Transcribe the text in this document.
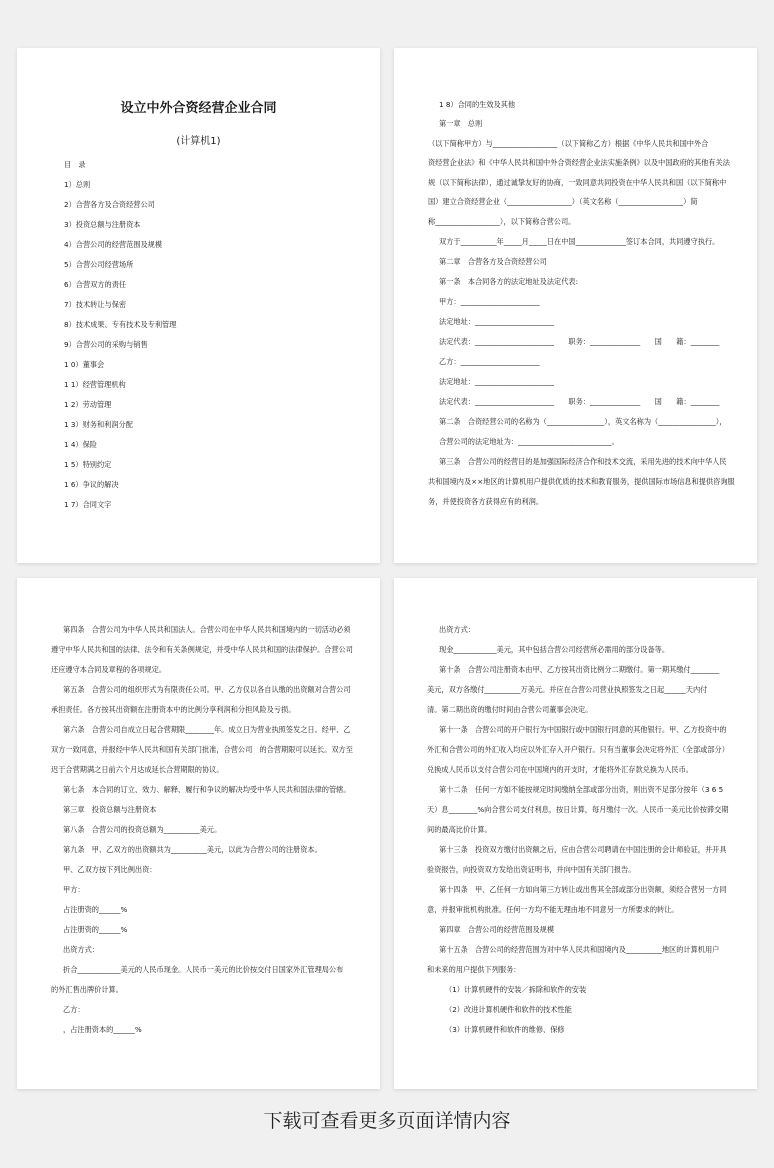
设立中外合资经营企业合同
(计算机1)
目　录
1）总则
2）合营各方及合资经营公司
3）投资总额与注册资本
4）合营公司的经营范围及规模
5）合营公司经营场所
6）合营双方的责任
7）技术转让与保密
8）技术成果、专有技术及专利管理
9）合营公司的采购与销售
1 0）董事会
1 1）经营管理机构
1 2）劳动管理
1 3）财务和利润分配
1 4）保险
1 5）特别约定
1 6）争议的解决
1 7）合同文字
1 8）合同的生效及其他
第一章　总则
（以下简称甲方）与__________________（以下简称乙方）根据《中华人民共和国中外合
资经营企业法》和《中华人民共和国中外合资经营企业法实施条例》以及中国政府的其他有关法
规（以下简称法律），通过诚挚友好的协商，一致同意共同投资在中华人民共和国（以下简称中
国）建立合资经营企业（__________________）（英文名称（__________________）简
称__________________），以下简称合营公司。
双方于__________年_____月_____日在中国______________签订本合同，共同遵守执行。
第二章　合营各方及合资经营公司
第一条　本合同各方的法定地址及法定代表:
甲方：______________________
法定地址：______________________
法定代表：______________________　　职务：______________　　国　　籍：________
乙方：______________________
法定地址：______________________
法定代表：______________________　　职务：______________　　国　　籍：________
第二条　合资经营公司的名称为（________________），英文名称为（________________），
合营公司的法定地址为：__________________________。
第三条　合营公司的经营目的是加强国际经济合作和技术交流，采用先进的技术向中华人民
共和国境内及××地区的计算机用户提供优质的技术和教育服务，提供国际市场信息和提供咨询服
务，并使投资各方获得应有的利润。
第四条　合营公司为中华人民共和国法人。合营公司在中华人民共和国境内的一切活动必须
遵守中华人民共和国的法律、法令和有关条例规定，并受中华人民共和国的法律保护。合营公司
还应遵守本合同及章程的各项规定。
第五条　合营公司的组织形式为有限责任公司。甲、乙方仅以各自认缴的出资额对合营公司
承担责任。各方按其出资额在注册资本中的比例分享利润和分担风险及亏损。
第六条　合营公司自成立日起合营期限________年。成立日为营业执照签发之日。经甲、乙
双方一致同意，并报经中华人民共和国有关部门批准，合营公司　的合营期限可以延长。双方至
迟于合营期满之日前六个月达成延长合营期限的协议。
第七条　本合同的订立、效力、解释、履行和争议的解决均受中华人民共和国法律的管辖。
第三章　投资总额与注册资本
第八条　合营公司的投资总额为__________美元。
第九条　甲、乙双方的出资额共为__________美元，以此为合营公司的注册资本。
甲、乙双方按下列比例出资：
甲方：
占注册资的______%
占注册资的______%
出资方式：
折合____________美元的人民币现金。人民币一美元的比价按交付日国家外汇管理局公布
的外汇售出牌价计算。
乙方：
，占注册资本的______%
出资方式：
现金____________美元，其中包括合营公司经营所必需用的部分设备等。
第十条　合营公司注册资本由甲、乙方按其出资比例分二期缴付。第一期其缴付________
美元，双方各缴付__________万美元。并应在合营公司营业执照签发之日起______天内付
清。第二期出资的缴付时间由合营公司董事会决定。
第十一条　合营公司的开户银行为中国银行或中国银行同意的其他银行。甲、乙方投资中的
外汇和合营公司的外汇收入均应以外汇存入开户银行。只有当董事会决定将外汇（全部或部分）
兑换成人民币以支付合营公司在中国境内的开支时，才能将外汇存款兑换为人民币。
第十二条　任何一方如不能按规定时间缴纳全部或部分出资，则出资不足部分按年（3 6 5
天）息________%向合营公司支付利息，按日计算，每月缴付一次。人民币一美元比价按滞交期
间的最高比价计算。
第十三条　投资双方缴付出资额之后，应由合营公司聘请在中国注册的会计师验证，并开具
验资报告，向投资双方发给出资证明书，并向中国有关部门报告。
第十四条　甲、乙任何一方如向第三方转让或出售其全部或部分出资额，须经合营另一方同
意，并报审批机构批准。任何一方均不能无理由地不同意另一方所要求的转让。
第四章　合营公司的经营范围及规模
第十五条　合营公司的经营范围为对中华人民共和国境内及__________地区的计算机用户
和未来的用户提供下列服务：
（1）计算机硬件的安装／拆除和软件的安装
（2）改进计算机硬件和软件的技术性能
（3）计算机硬件和软件的维修、保修
下载可查看更多页面详情内容
